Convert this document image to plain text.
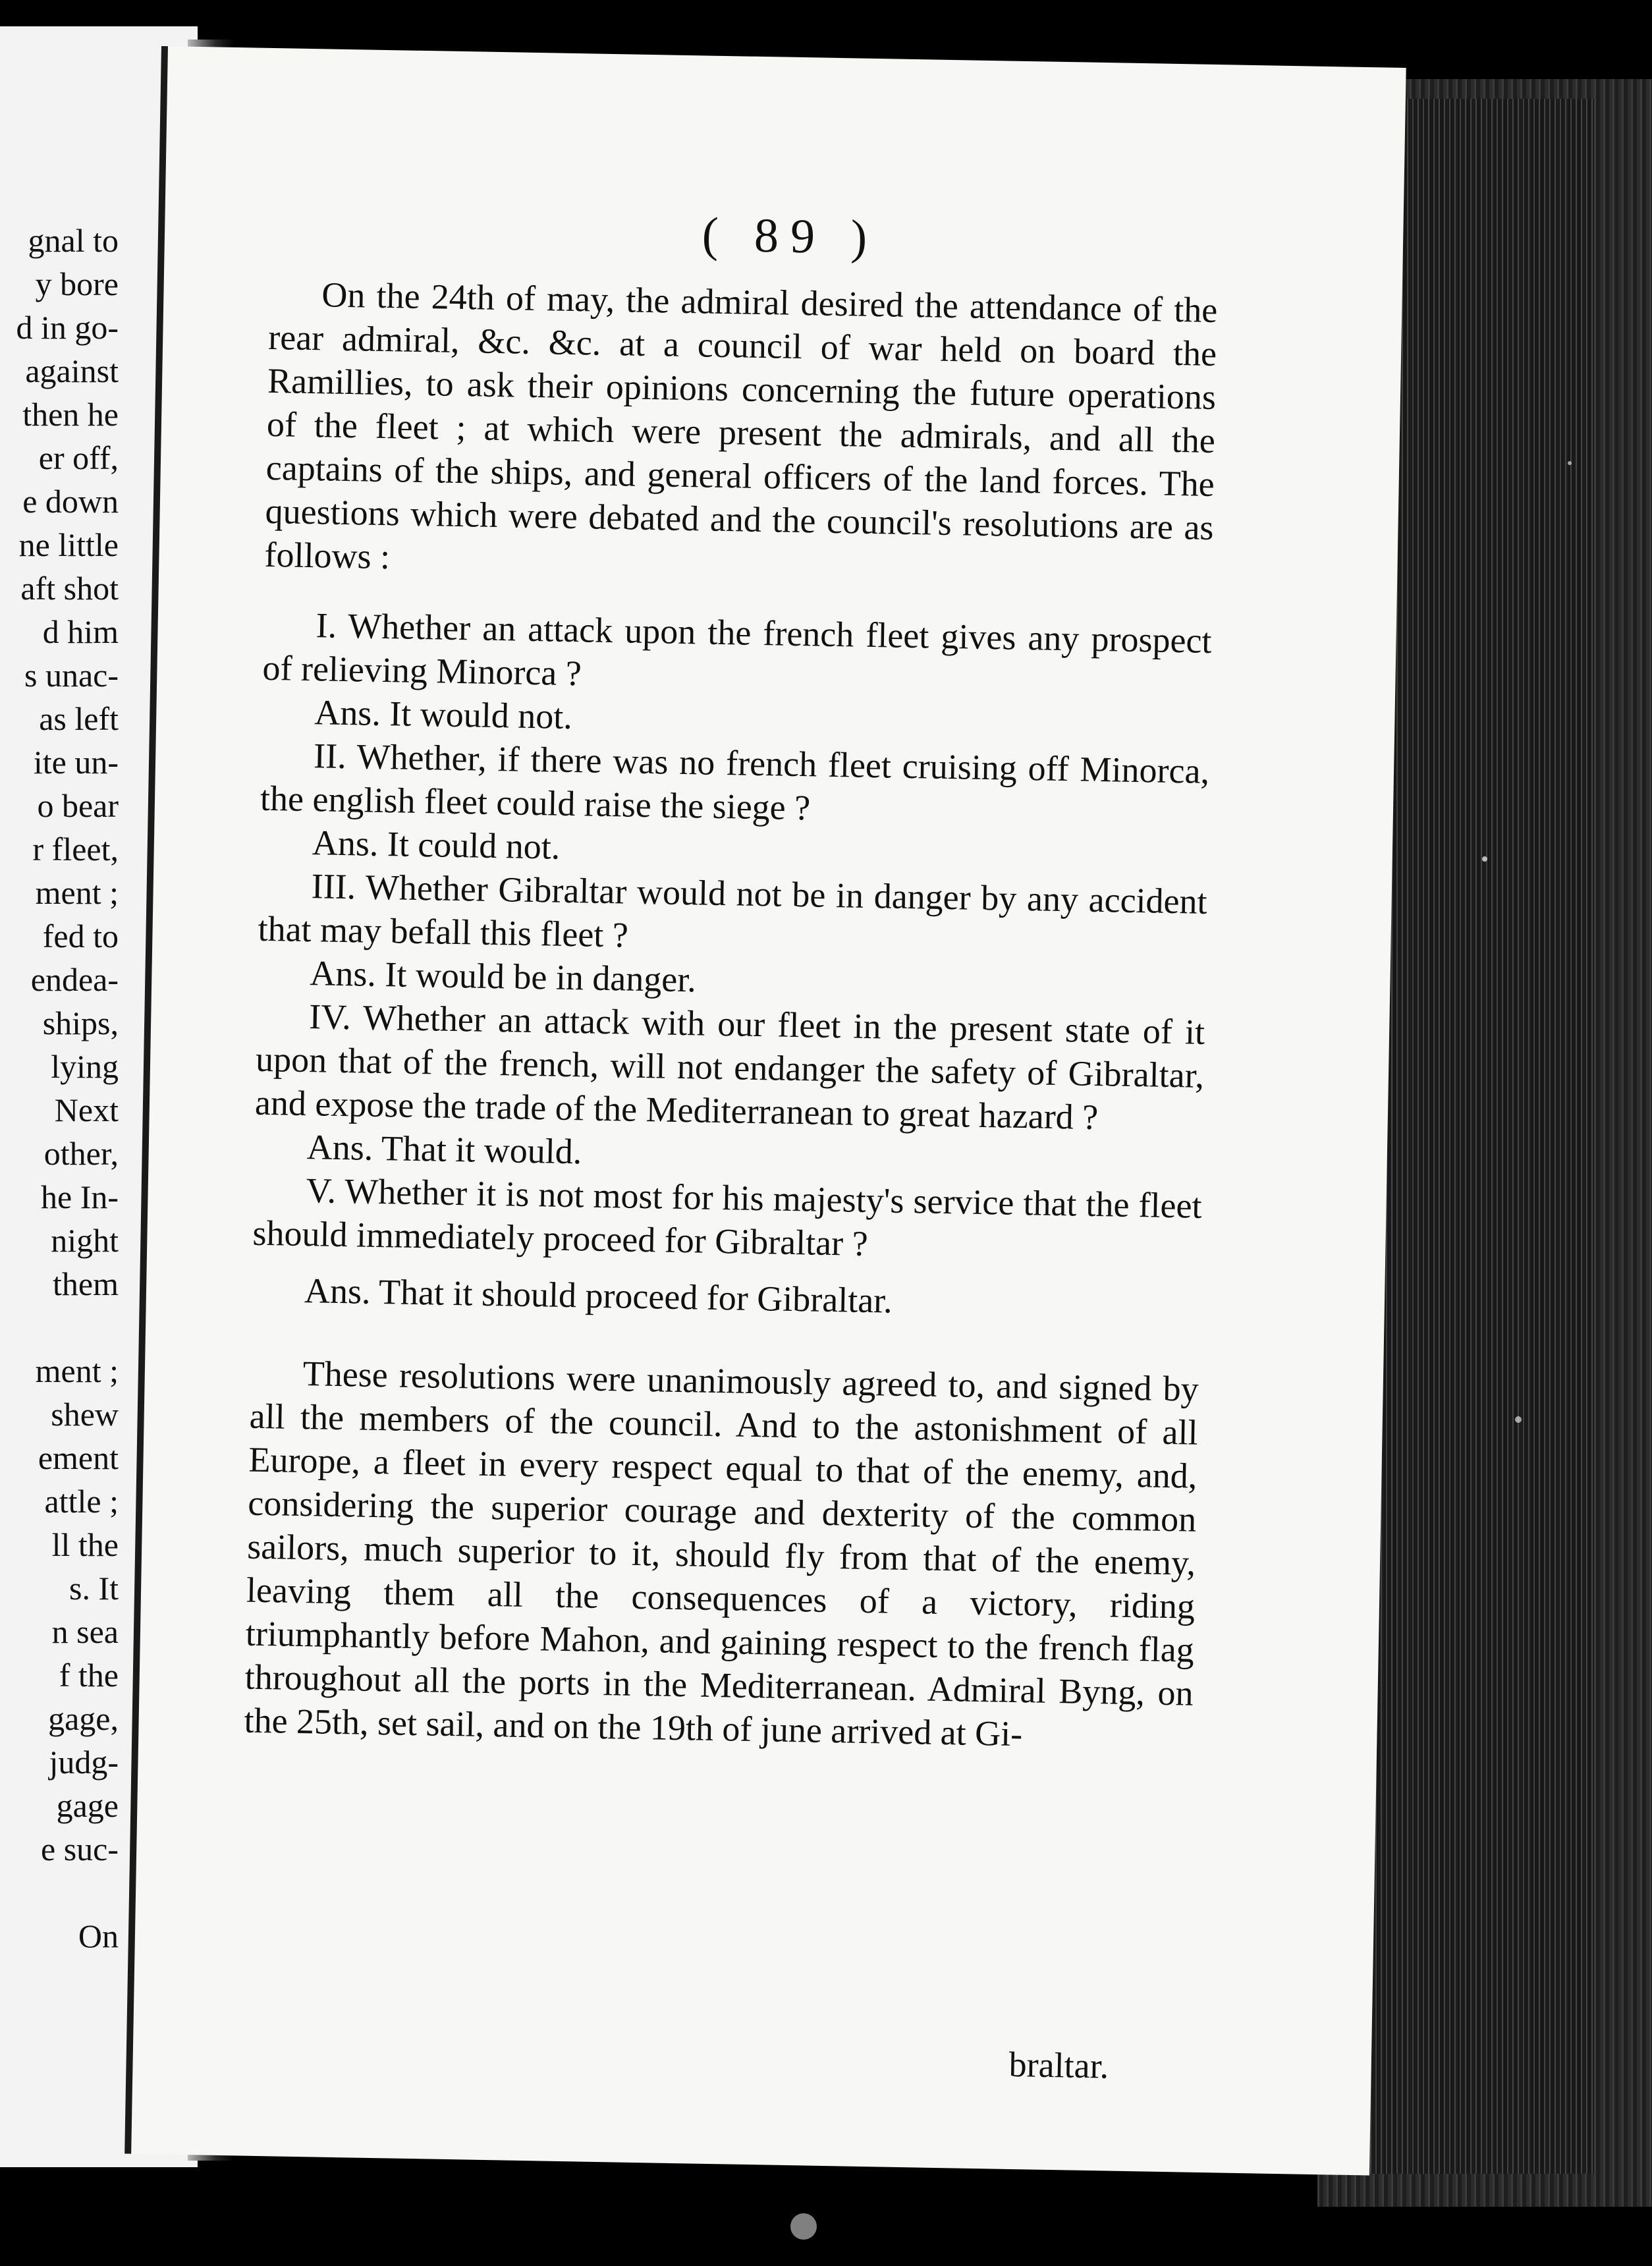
gnal to
y bore
d in go-
against
then he
er off,
e down
ne little
aft shot
d him
s unac-
as left
ite un-
o bear
r fleet,
ment ;
fed to
endea-
ships,
lying
Next
other,
he In-
night
them
ment ;
shew
ement
attle ;
ll the
s. It
n sea
f the
gage,
judg-
gage
e suc-
On
( 89 )

On the 24th of may, the admiral desired the attendance of the rear admiral, &c. &c. at a council of war held on board the Ramillies, to ask their opinions concerning the future operations of the fleet ; at which were present the admirals, and all the captains of the ships, and general officers of the land forces. The questions which were debated and the council's resolutions are as follows :

I. Whether an attack upon the french fleet gives any prospect of relieving Minorca ?

Ans. It would not.

II. Whether, if there was no french fleet cruising off Minorca, the english fleet could raise the siege ?

Ans. It could not.

III. Whether Gibraltar would not be in danger by any accident that may befall this fleet ?

Ans. It would be in danger.

IV. Whether an attack with our fleet in the present state of it upon that of the french, will not endanger the safety of Gibraltar, and expose the trade of the Mediterranean to great hazard ?

Ans. That it would.

V. Whether it is not most for his majesty's service that the fleet should immediately proceed for Gibraltar ?

Ans. That it should proceed for Gibraltar.

These resolutions were unanimously agreed to, and signed by all the members of the council. And to the astonishment of all Europe, a fleet in every respect equal to that of the enemy, and, considering the superior courage and dexterity of the common sailors, much superior to it, should fly from that of the enemy, leaving them all the consequences of a victory, riding triumphantly before Mahon, and gaining respect to the french flag throughout all the ports in the Mediterranean. Admiral Byng, on the 25th, set sail, and on the 19th of june arrived at Gi-

braltar.
